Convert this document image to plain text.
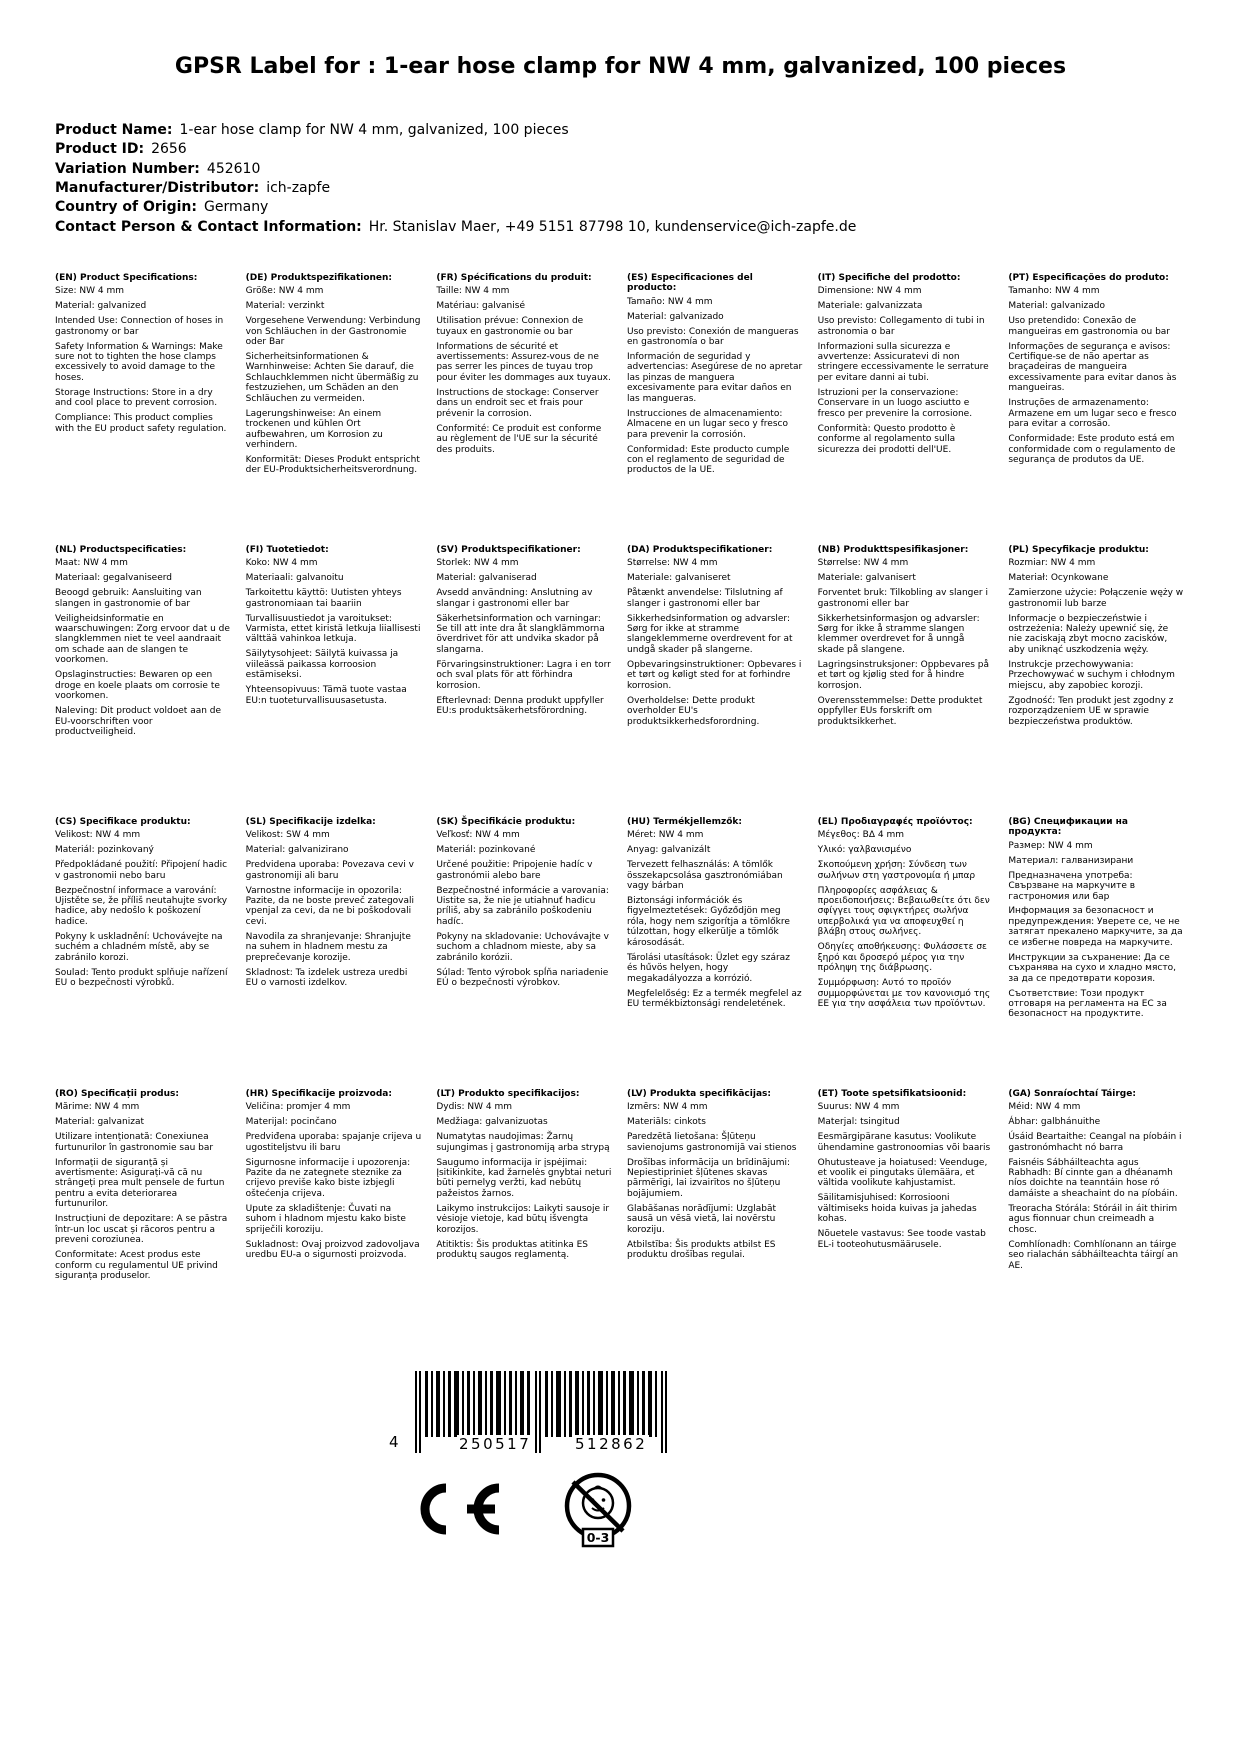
GPSR Label for : 1-ear hose clamp for NW 4 mm, galvanized, 100 pieces
Product Name: 1-ear hose clamp for NW 4 mm, galvanized, 100 pieces
Product ID: 2656
Variation Number: 452610
Manufacturer/Distributor: ich-zapfe
Country of Origin: Germany
Contact Person & Contact Information: Hr. Stanislav Maer, +49 5151 87798 10, kundenservice@ich-zapfe.de
(EN) Product Specifications:

Size: NW 4 mm

Material: galvanized

Intended Use: Connection of hoses in gastronomy or bar

Safety Information & Warnings: Make sure not to tighten the hose clamps excessively to avoid damage to the hoses.

Storage Instructions: Store in a dry and cool place to prevent corrosion.

Compliance: This product complies with the EU product safety regulation.

(DE) Produktspezifikationen:

Größe: NW 4 mm

Material: verzinkt

Vorgesehene Verwendung: Verbindung von Schläuchen in der Gastronomie oder Bar

Sicherheitsinformationen & Warnhinweise: Achten Sie darauf, die Schlauchklemmen nicht übermäßig zu festzuziehen, um Schäden an den Schläuchen zu vermeiden.

Lagerungshinweise: An einem trockenen und kühlen Ort aufbewahren, um Korrosion zu verhindern.

Konformität: Dieses Produkt entspricht der EU-Produktsicherheitsverordnung.

(FR) Spécifications du produit:

Taille: NW 4 mm

Matériau: galvanisé

Utilisation prévue: Connexion de tuyaux en gastronomie ou bar

Informations de sécurité et avertissements: Assurez-vous de ne pas serrer les pinces de tuyau trop pour éviter les dommages aux tuyaux.

Instructions de stockage: Conserver dans un endroit sec et frais pour prévenir la corrosion.

Conformité: Ce produit est conforme au règlement de l'UE sur la sécurité des produits.

(ES) Especificaciones del producto:

Tamaño: NW 4 mm

Material: galvanizado

Uso previsto: Conexión de mangueras en gastronomía o bar

Información de seguridad y advertencias: Asegúrese de no apretar las pinzas de manguera excesivamente para evitar daños en las mangueras.

Instrucciones de almacenamiento: Almacene en un lugar seco y fresco para prevenir la corrosión.

Conformidad: Este producto cumple con el reglamento de seguridad de productos de la UE.

(IT) Specifiche del prodotto:

Dimensione: NW 4 mm

Materiale: galvanizzata

Uso previsto: Collegamento di tubi in astronomia o bar

Informazioni sulla sicurezza e avvertenze: Assicuratevi di non stringere eccessivamente le serrature per evitare danni ai tubi.

Istruzioni per la conservazione: Conservare in un luogo asciutto e fresco per prevenire la corrosione.

Conformità: Questo prodotto è conforme al regolamento sulla sicurezza dei prodotti dell'UE.

(PT) Especificações do produto:

Tamanho: NW 4 mm

Material: galvanizado

Uso pretendido: Conexão de mangueiras em gastronomia ou bar

Informações de segurança e avisos: Certifique-se de não apertar as braçadeiras de mangueira excessivamente para evitar danos às mangueiras.

Instruções de armazenamento: Armazene em um lugar seco e fresco para evitar a corrosão.

Conformidade: Este produto está em conformidade com o regulamento de segurança de produtos da UE.

(NL) Productspecificaties:

Maat: NW 4 mm

Materiaal: gegalvaniseerd

Beoogd gebruik: Aansluiting van slangen in gastronomie of bar

Veiligheidsinformatie en waarschuwingen: Zorg ervoor dat u de slangklemmen niet te veel aandraait om schade aan de slangen te voorkomen.

Opslaginstructies: Bewaren op een droge en koele plaats om corrosie te voorkomen.

Naleving: Dit product voldoet aan de EU-voorschriften voor productveiligheid.

(FI) Tuotetiedot:

Koko: NW 4 mm

Materiaali: galvanoitu

Tarkoitettu käyttö: Uutisten yhteys gastronomiaan tai baariin

Turvallisuustiedot ja varoitukset: Varmista, ettet kiristä letkuja liiallisesti välttää vahinkoa letkuja.

Säilytysohjeet: Säilytä kuivassa ja viileässä paikassa korroosion estämiseksi.

Yhteensopivuus: Tämä tuote vastaa EU:n tuoteturvallisuusasetusta.

(SV) Produktspecifikationer:

Storlek: NW 4 mm

Material: galvaniserad

Avsedd användning: Anslutning av slangar i gastronomi eller bar

Säkerhetsinformation och varningar: Se till att inte dra åt slangklämmorna överdrivet för att undvika skador på slangarna.

Förvaringsinstruktioner: Lagra i en torr och sval plats för att förhindra korrosion.

Efterlevnad: Denna produkt uppfyller EU:s produktsäkerhetsförordning.

(DA) Produktspecifikationer:

Størrelse: NW 4 mm

Materiale: galvaniseret

Påtænkt anvendelse: Tilslutning af slanger i gastronomi eller bar

Sikkerhedsinformation og advarsler: Sørg for ikke at stramme slangeklemmerne overdrevent for at undgå skader på slangerne.

Opbevaringsinstruktioner: Opbevares i et tørt og køligt sted for at forhindre korrosion.

Overholdelse: Dette produkt overholder EU's produktsikkerhedsforordning.

(NB) Produkttspesifikasjoner:

Størrelse: NW 4 mm

Materiale: galvanisert

Forventet bruk: Tilkobling av slanger i gastronomi eller bar

Sikkerhetsinformasjon og advarsler: Sørg for ikke å stramme slangen klemmer overdrevet for å unngå skade på slangene.

Lagringsinstruksjoner: Oppbevares på et tørt og kjølig sted for å hindre korrosjon.

Overensstemmelse: Dette produktet oppfyller EUs forskrift om produktsikkerhet.

(PL) Specyfikacje produktu:

Rozmiar: NW 4 mm

Materiał: Ocynkowane

Zamierzone użycie: Połączenie węży w gastronomii lub barze

Informacje o bezpieczeństwie i ostrzeżenia: Należy upewnić się, że nie zaciskają zbyt mocno zacisków, aby uniknąć uszkodzenia węży.

Instrukcje przechowywania: Przechowywać w suchym i chłodnym miejscu, aby zapobiec korozji.

Zgodność: Ten produkt jest zgodny z rozporządzeniem UE w sprawie bezpieczeństwa produktów.

(CS) Specifikace produktu:

Velikost: NW 4 mm

Materiál: pozinkovaný

Předpokládané použití: Připojení hadic v gastronomii nebo baru

Bezpečnostní informace a varování: Ujistěte se, že příliš neutahujte svorky hadice, aby nedošlo k poškození hadice.

Pokyny k uskladnění: Uchovávejte na suchém a chladném místě, aby se zabránilo korozi.

Soulad: Tento produkt splňuje nařízení EU o bezpečnosti výrobků.

(SL) Specifikacije izdelka:

Velikost: SW 4 mm

Material: galvanizirano

Predvidena uporaba: Povezava cevi v gastronomiji ali baru

Varnostne informacije in opozorila: Pazite, da ne boste preveč zategovali vpenjal za cevi, da ne bi poškodovali cevi.

Navodila za shranjevanje: Shranjujte na suhem in hladnem mestu za preprečevanje korozije.

Skladnost: Ta izdelek ustreza uredbi EU o varnosti izdelkov.

(SK) Špecifikácie produktu:

Veľkosť: NW 4 mm

Materiál: pozinkované

Určené použitie: Pripojenie hadíc v gastronómii alebo bare

Bezpečnostné informácie a varovania: Uistite sa, že nie je utiahnuť hadicu príliš, aby sa zabránilo poškodeniu hadíc.

Pokyny na skladovanie: Uchovávajte v suchom a chladnom mieste, aby sa zabránilo korózii.

Súlad: Tento výrobok spĺňa nariadenie EÚ o bezpečnosti výrobkov.

(HU) Termékjellemzők:

Méret: NW 4 mm

Anyag: galvanizált

Tervezett felhasználás: A tömlők összekapcsolása gasztronómiában vagy bárban

Biztonsági információk és figyelmeztetések: Győződjön meg róla, hogy nem szigorítja a tömlőkre túlzottan, hogy elkerülje a tömlők károsodását.

Tárolási utasítások: Üzlet egy száraz és hűvös helyen, hogy megakadályozza a korrózió.

Megfelelőség: Ez a termék megfelel az EU termékbiztonsági rendeletének.

(EL) Προδιαγραφές προϊόντος:

Μέγεθος: ΒΔ 4 mm

Υλικό: γαλβανισμένο

Σκοπούμενη χρήση: Σύνδεση των σωλήνων στη γαστρονομία ή μπαρ

Πληροφορίες ασφάλειας & προειδοποιήσεις: Βεβαιωθείτε ότι δεν σφίγγει τους σφιγκτήρες σωλήνα υπερβολικά για να αποφευχθεί η βλάβη στους σωλήνες.

Οδηγίες αποθήκευσης: Φυλάσσετε σε ξηρό και δροσερό μέρος για την πρόληψη της διάβρωσης.

Συμμόρφωση: Αυτό το προϊόν συμμορφώνεται με τον κανονισμό της ΕΕ για την ασφάλεια των προϊόντων.

(BG) Спецификации на продукта:

Размер: NW 4 mm

Материал: галванизирани

Предназначена употреба: Свързване на маркучите в гастрономия или бар

Информация за безопасност и предупреждения: Уверете се, че не затягат прекалено маркучите, за да се избегне повреда на маркучите.

Инструкции за съхранение: Да се съхранява на сухо и хладно място, за да се предотврати корозия.

Съответствие: Този продукт отговаря на регламента на ЕС за безопасност на продуктите.

(RO) Specificații produs:

Mărime: NW 4 mm

Material: galvanizat

Utilizare intenționată: Conexiunea furtunurilor în gastronomie sau bar

Informații de siguranță și avertismente: Asigurați-vă că nu strângeți prea mult pensele de furtun pentru a evita deteriorarea furtunurilor.

Instrucțiuni de depozitare: A se păstra într-un loc uscat și răcoros pentru a preveni coroziunea.

Conformitate: Acest produs este conform cu regulamentul UE privind siguranța produselor.

(HR) Specifikacije proizvoda:

Veličina: promjer 4 mm

Materijal: pocinčano

Predviđena uporaba: spajanje crijeva u ugostiteljstvu ili baru

Sigurnosne informacije i upozorenja: Pazite da ne zategnete steznike za crijevo previše kako biste izbjegli oštećenja crijeva.

Upute za skladištenje: Čuvati na suhom i hladnom mjestu kako biste spriječili koroziju.

Sukladnost: Ovaj proizvod zadovoljava uredbu EU-a o sigurnosti proizvoda.

(LT) Produkto specifikacijos:

Dydis: NW 4 mm

Medžiaga: galvanizuotas

Numatytas naudojimas: Žarnų sujungimas į gastronomiją arba strypą

Saugumo informacija ir įspėjimai: Įsitikinkite, kad žarnelės gnybtai neturi būti pernelyg veržti, kad nebūtų pažeistos žarnos.

Laikymo instrukcijos: Laikyti sausoje ir vėsioje vietoje, kad būtų išvengta korozijos.

Atitiktis: Šis produktas atitinka ES produktų saugos reglamentą.

(LV) Produkta specifikācijas:

Izmērs: NW 4 mm

Materiāls: cinkots

Paredzētā lietošana: Šļūteņu savienojums gastronomijā vai stienos

Drošības informācija un brīdinājumi: Nepiestipriniet šļūtenes skavas pārmērīgi, lai izvairītos no šļūteņu bojājumiem.

Glabāšanas norādījumi: Uzglabāt sausā un vēsā vietā, lai novērstu koroziju.

Atbilstība: Šis produkts atbilst ES produktu drošības regulai.

(ET) Toote spetsifikatsioonid:

Suurus: NW 4 mm

Materjal: tsingitud

Eesmärgipärane kasutus: Voolikute ühendamine gastronoomias või baaris

Ohutusteave ja hoiatused: Veenduge, et voolik ei pingutaks ülemäära, et vältida voolikute kahjustamist.

Säilitamisjuhised: Korrosiooni vältimiseks hoida kuivas ja jahedas kohas.

Nõuetele vastavus: See toode vastab EL-i tooteohutusmäärusele.

(GA) Sonraíochtaí Táirge:

Méid: NW 4 mm

Ábhar: galbhánuithe

Úsáid Beartaithe: Ceangal na píobáin i gastronómhacht nó barra

Faisnéis Sábháilteachta agus Rabhadh: Bí cinnte gan a dhéanamh níos doichte na teanntáin hose ró damáiste a sheachaint do na píobáin.

Treoracha Stórála: Stóráil in áit thirim agus fionnuar chun creimeadh a chosc.

Comhlíonadh: Comhlíonann an táirge seo rialachán sábháilteachta táirgí an AE.

4	250517	512862
0-3
